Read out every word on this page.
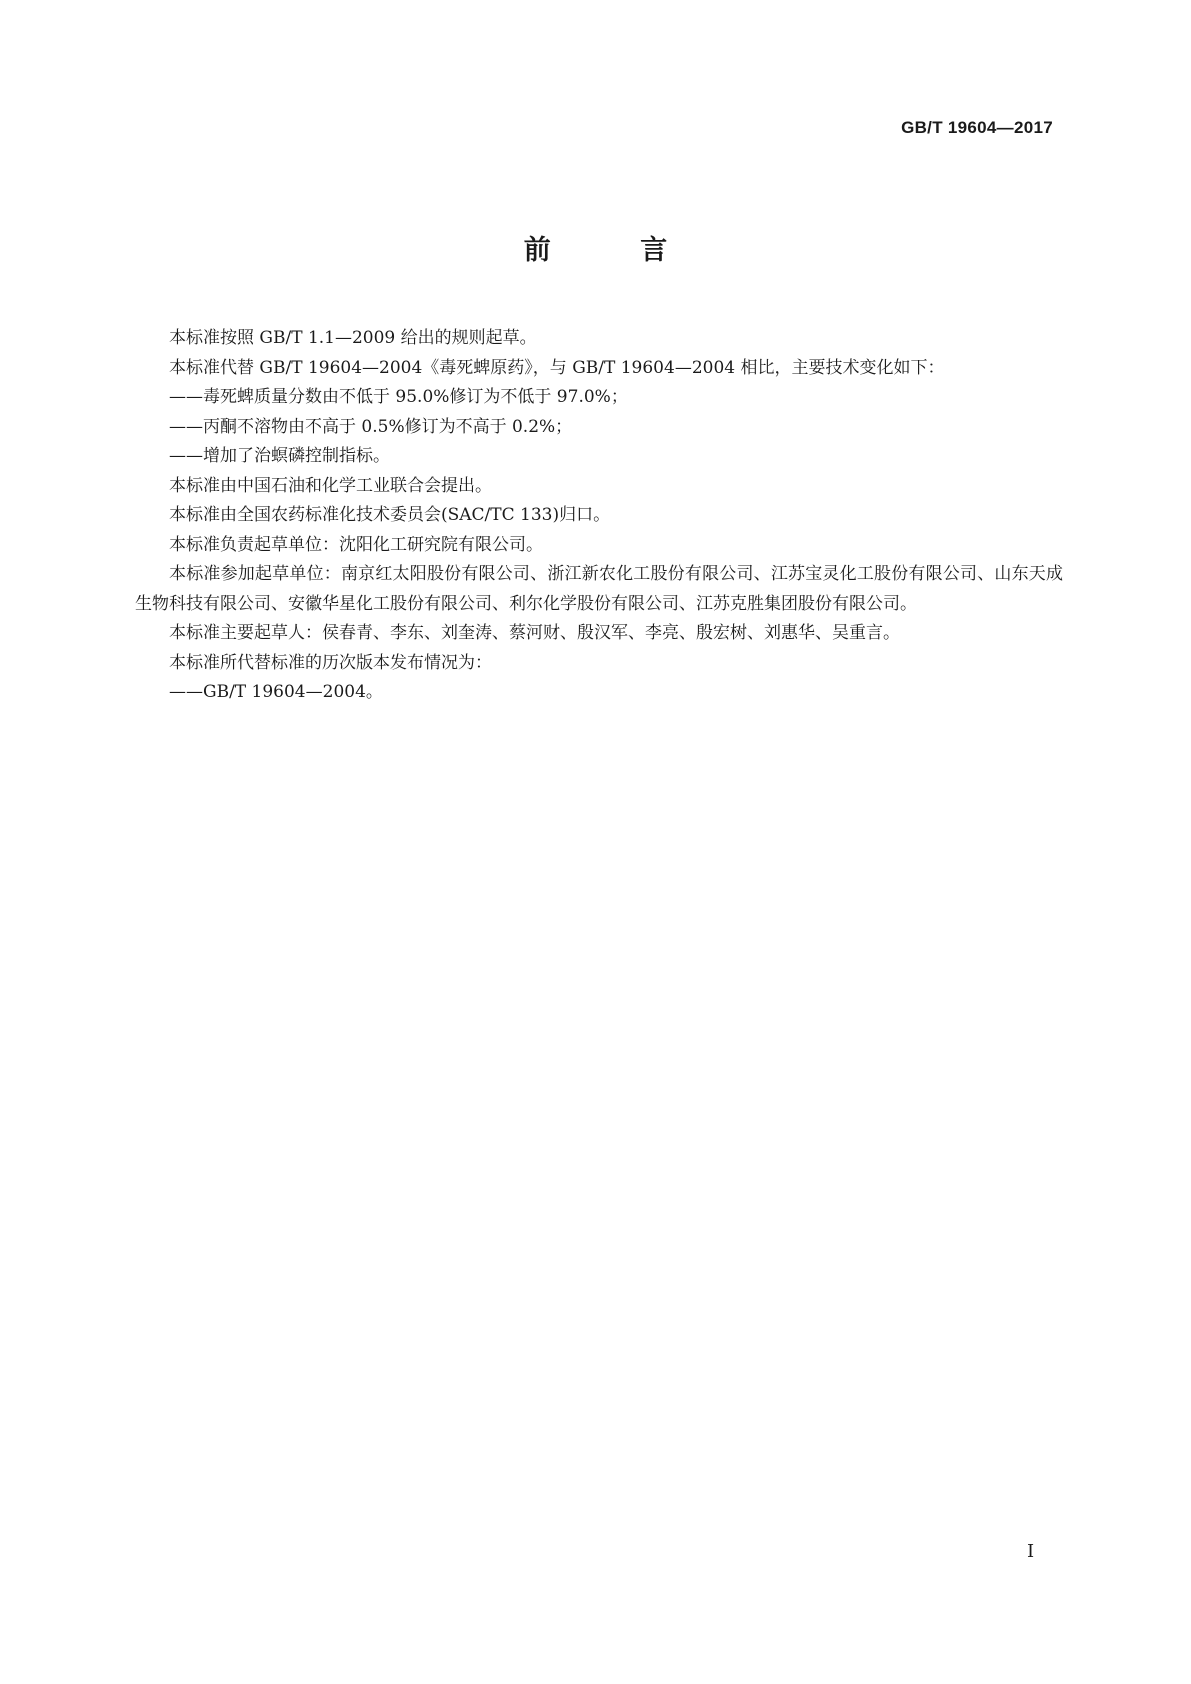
GB/T 19604—2017
前 言

本标准按照 GB/T 1.1—2009 给出的规则起草。

本标准代替 GB/T 19604—2004《毒死蜱原药》，与 GB/T 19604—2004 相比，主要技术变化如下：

——毒死蜱质量分数由不低于 95.0%修订为不低于 97.0%；

——丙酮不溶物由不高于 0.5%修订为不高于 0.2%；

——增加了治螟磷控制指标。

本标准由中国石油和化学工业联合会提出。

本标准由全国农药标准化技术委员会(SAC/TC 133)归口。

本标准负责起草单位：沈阳化工研究院有限公司。

本标准参加起草单位：南京红太阳股份有限公司、浙江新农化工股份有限公司、江苏宝灵化工股份有限公司、山东天成生物科技有限公司、安徽华星化工股份有限公司、利尔化学股份有限公司、江苏克胜集团股份有限公司。

本标准主要起草人：侯春青、李东、刘奎涛、蔡河财、殷汉军、李亮、殷宏树、刘惠华、吴重言。

本标准所代替标准的历次版本发布情况为：

——GB/T 19604—2004。

I
